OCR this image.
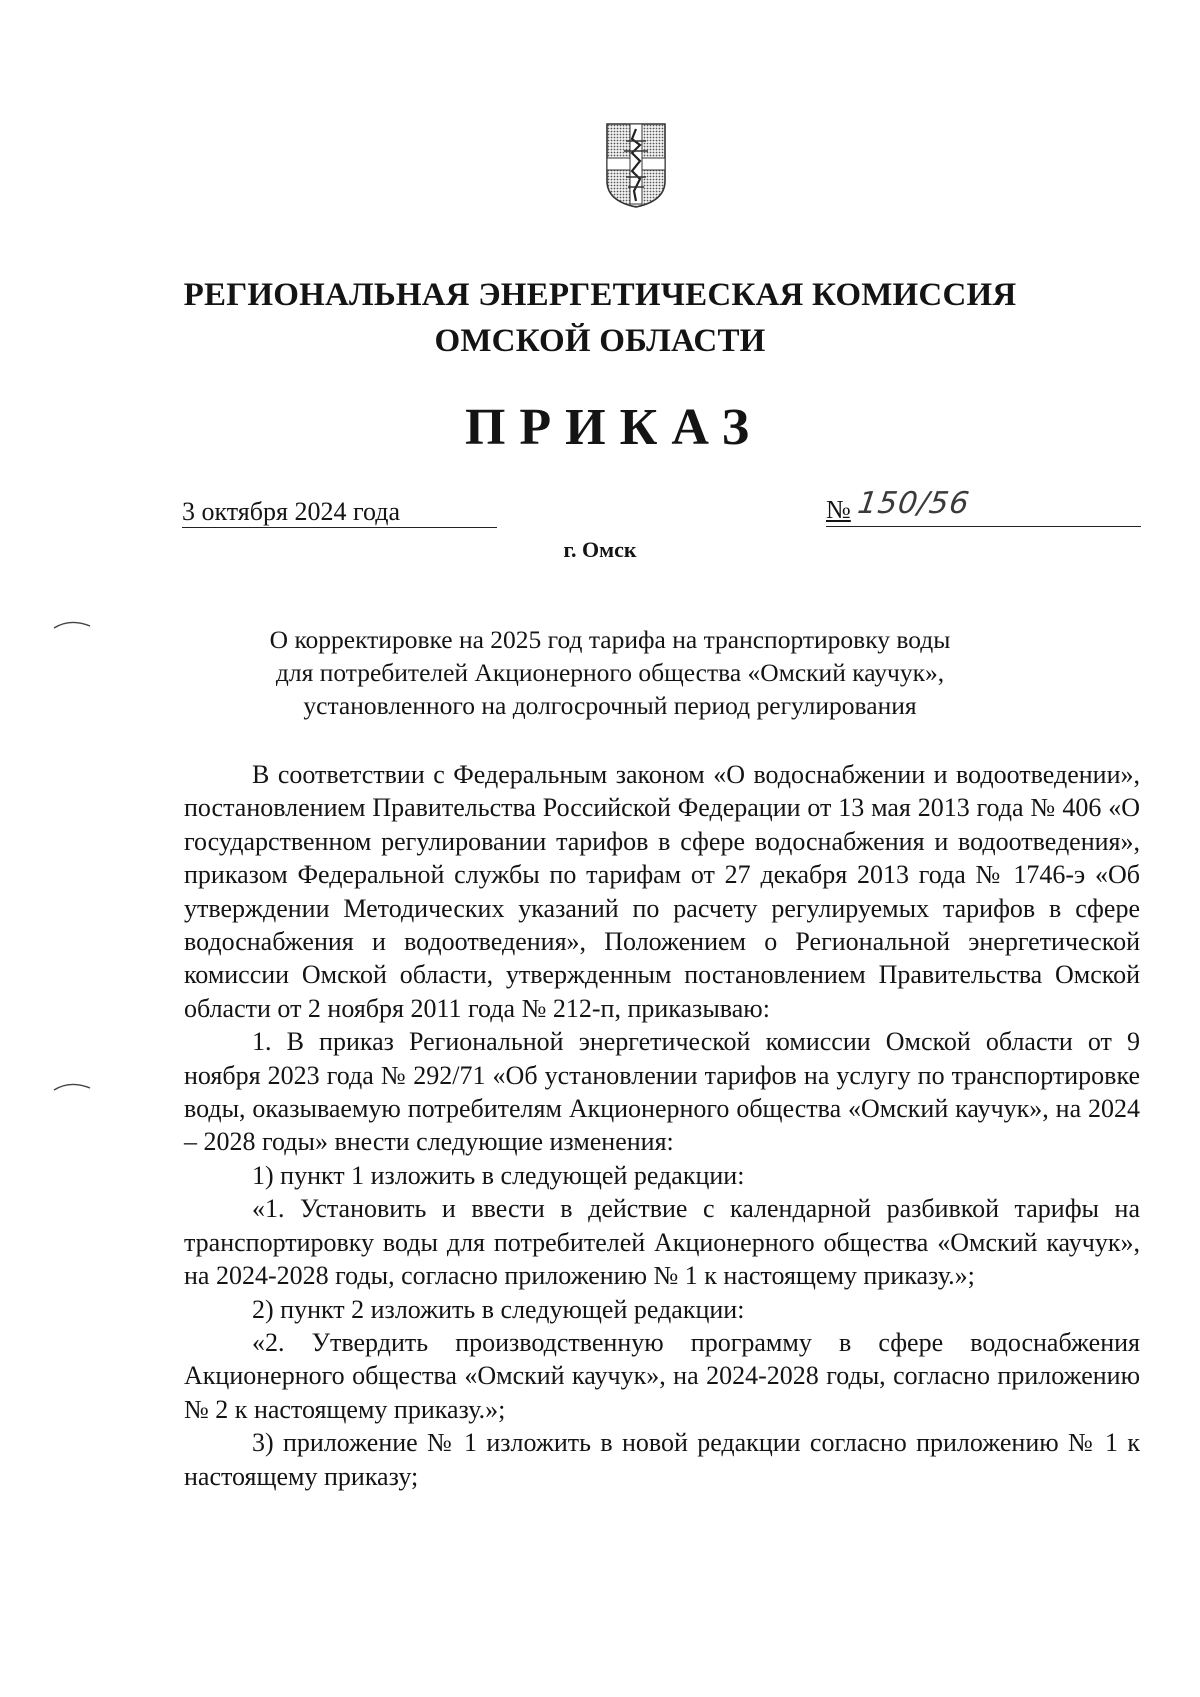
РЕГИОНАЛЬНАЯ ЭНЕРГЕТИЧЕСКАЯ КОМИССИЯ
ОМСКОЙ ОБЛАСТИ
ПРИКАЗ
3 октября 2024 года	№ 150/56
г. Омск
О корректировке на 2025 год тарифа на транспортировку воды
для потребителей Акционерного общества «Омский каучук»,
установленного на долгосрочный период регулирования

В соответствии с Федеральным законом «О водоснабжении и водоотведении», постановлением Правительства Российской Федерации от 13 мая 2013 года № 406 «О государственном регулировании тарифов в сфере водоснабжения и водоотведения», приказом Федеральной службы по тарифам от 27 декабря 2013 года № 1746-э «Об утверждении Методических указаний по расчету регулируемых тарифов в сфере водоснабжения и водоотведения», Положением о Региональной энергетической комиссии Омской области, утвержденным постановлением Правительства Омской области от 2 ноября 2011 года № 212-п, приказываю:

1. В приказ Региональной энергетической комиссии Омской области от 9 ноября 2023 года № 292/71 «Об установлении тарифов на услугу по транспортировке воды, оказываемую потребителям Акционерного общества «Омский каучук», на 2024 – 2028 годы» внести следующие изменения:

1) пункт 1 изложить в следующей редакции:

«1. Установить и ввести в действие с календарной разбивкой тарифы на транспортировку воды для потребителей Акционерного общества «Омский каучук», на 2024-2028 годы, согласно приложению № 1 к настоящему приказу.»;

2) пункт 2 изложить в следующей редакции:

«2. Утвердить производственную программу в сфере водоснабжения Акционерного общества «Омский каучук», на 2024-2028 годы, согласно приложению № 2 к настоящему приказу.»;

3) приложение № 1 изложить в новой редакции согласно приложению № 1 к настоящему приказу;
